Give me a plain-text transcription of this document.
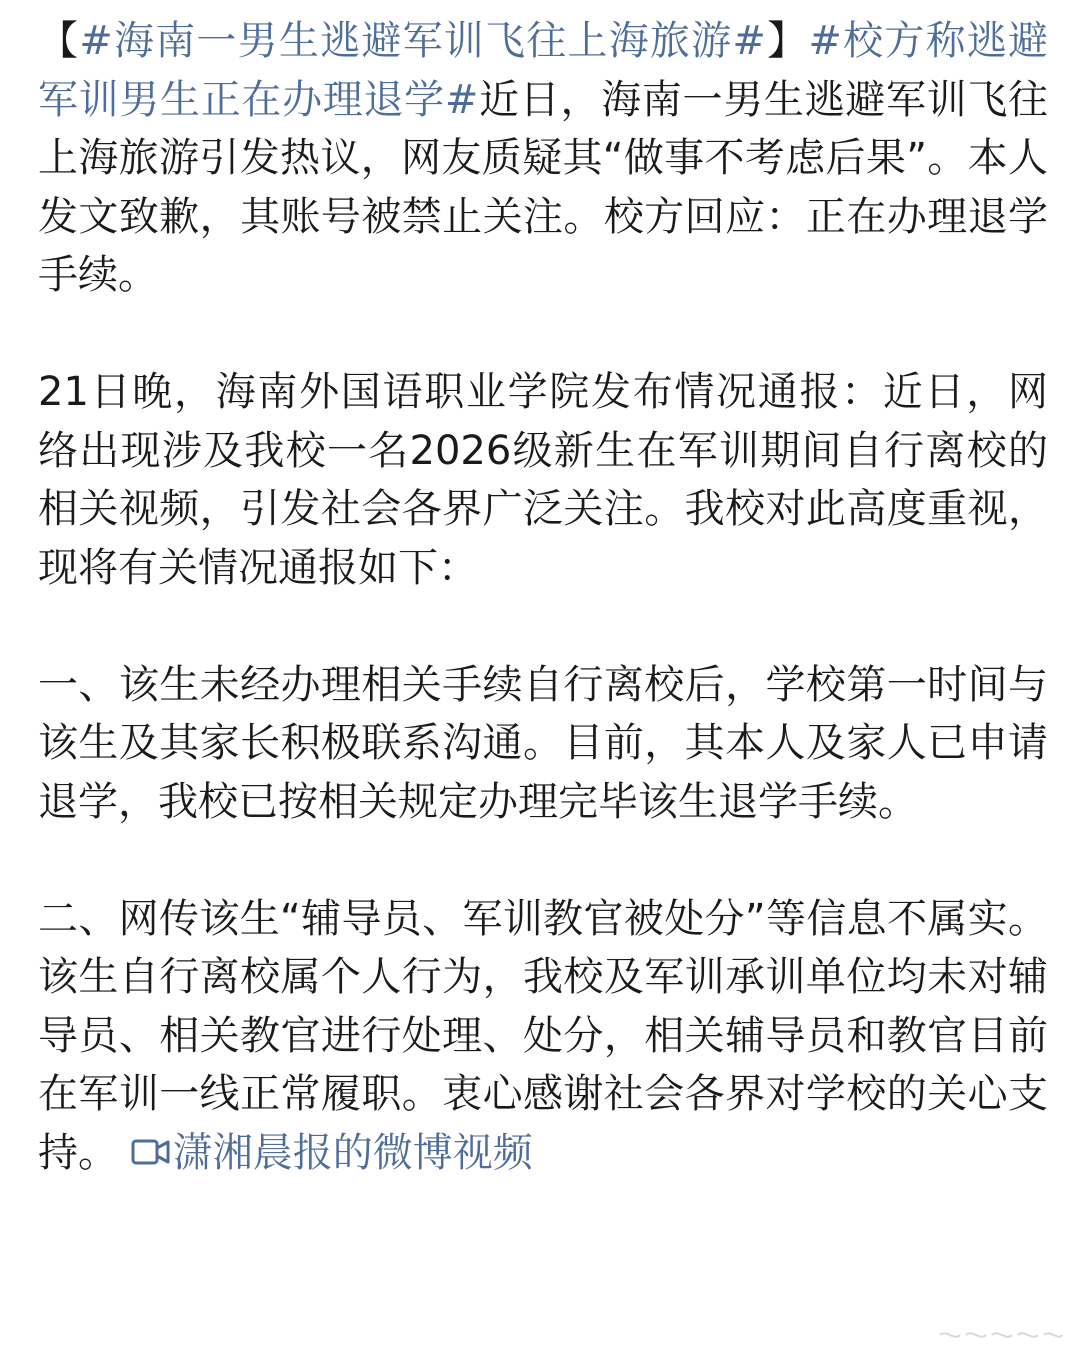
【#海南一男生逃避军训飞往上海旅游#】#校方称逃避军训男生正在办理退学#近日，海南一男生逃避军训飞往上海旅游引发热议，网友质疑其“做事不考虑后果”。本人发文致歉，其账号被禁止关注。校方回应：正在办理退学手续。

21日晚，海南外国语职业学院发布情况通报：近日，网络出现涉及我校一名2026级新生在军训期间自行离校的相关视频，引发社会各界广泛关注。我校对此高度重视，现将有关情况通报如下：

一、该生未经办理相关手续自行离校后，学校第一时间与该生及其家长积极联系沟通。目前，其本人及家人已申请退学，我校已按相关规定办理完毕该生退学手续。

二、网传该生“辅导员、军训教官被处分”等信息不属实。该生自行离校属个人行为，我校及军训承训单位均未对辅导员、相关教官进行处理、处分，相关辅导员和教官目前在军训一线正常履职。衷心感谢社会各界对学校的关心支持。 潇湘晨报的微博视频
